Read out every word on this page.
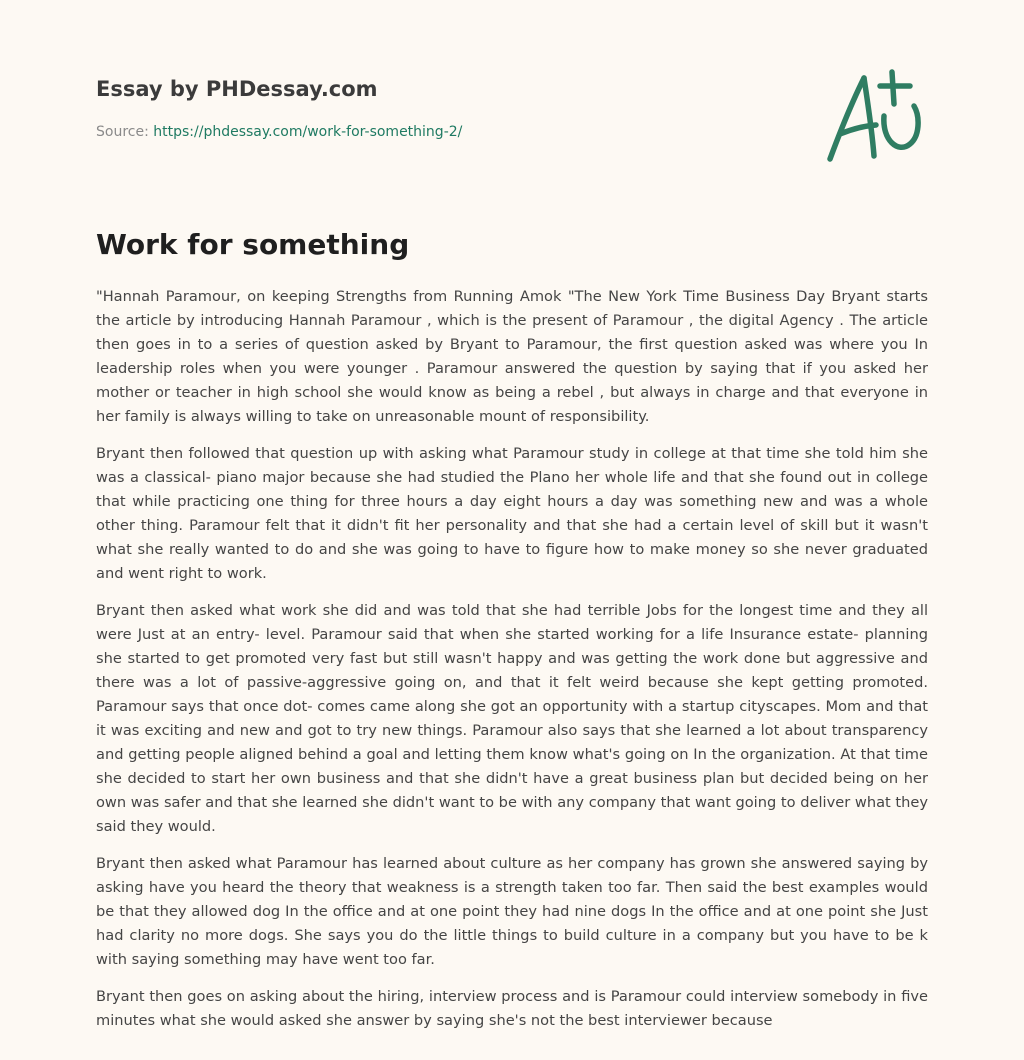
Essay by PHDessay.com
Source: https://phdessay.com/work-for-something-2/
Work for something

"Hannah Paramour, on keeping Strengths from Running Amok "The New York Time Business Day Bryant starts the article by introducing Hannah Paramour , which is the present of Paramour , the digital Agency . The article then goes in to a series of question asked by Bryant to Paramour, the first question asked was where you In leadership roles when you were younger . Paramour answered the question by saying that if you asked her mother or teacher in high school she would know as being a rebel , but always in charge and that everyone in her family is always willing to take on unreasonable mount of responsibility.

Bryant then followed that question up with asking what Paramour study in college at that time she told him she was a classical- piano major because she had studied the Plano her whole life and that she found out in college that while practicing one thing for three hours a day eight hours a day was something new and was a whole other thing. Paramour felt that it didn't fit her personality and that she had a certain level of skill but it wasn't what she really wanted to do and she was going to have to figure how to make money so she never graduated and went right to work.

Bryant then asked what work she did and was told that she had terrible Jobs for the longest time and they all were Just at an entry- level. Paramour said that when she started working for a life Insurance estate- planning she started to get promoted very fast but still wasn't happy and was getting the work done but aggressive and there was a lot of passive-aggressive going on, and that it felt weird because she kept getting promoted. Paramour says that once dot- comes came along she got an opportunity with a startup cityscapes. Mom and that it was exciting and new and got to try new things. Paramour also says that she learned a lot about transparency and getting people aligned behind a goal and letting them know what's going on In the organization. At that time she decided to start her own business and that she didn't have a great business plan but decided being on her own was safer and that she learned she didn't want to be with any company that want going to deliver what they said they would.

Bryant then asked what Paramour has learned about culture as her company has grown she answered saying by asking have you heard the theory that weakness is a strength taken too far. Then said the best examples would be that they allowed dog In the office and at one point they had nine dogs In the office and at one point she Just had clarity no more dogs. She says you do the little things to build culture in a company but you have to be k with saying something may have went too far.

Bryant then goes on asking about the hiring, interview process and is Paramour could interview somebody in five minutes what she would asked she answer by saying she's not the best interviewer because
